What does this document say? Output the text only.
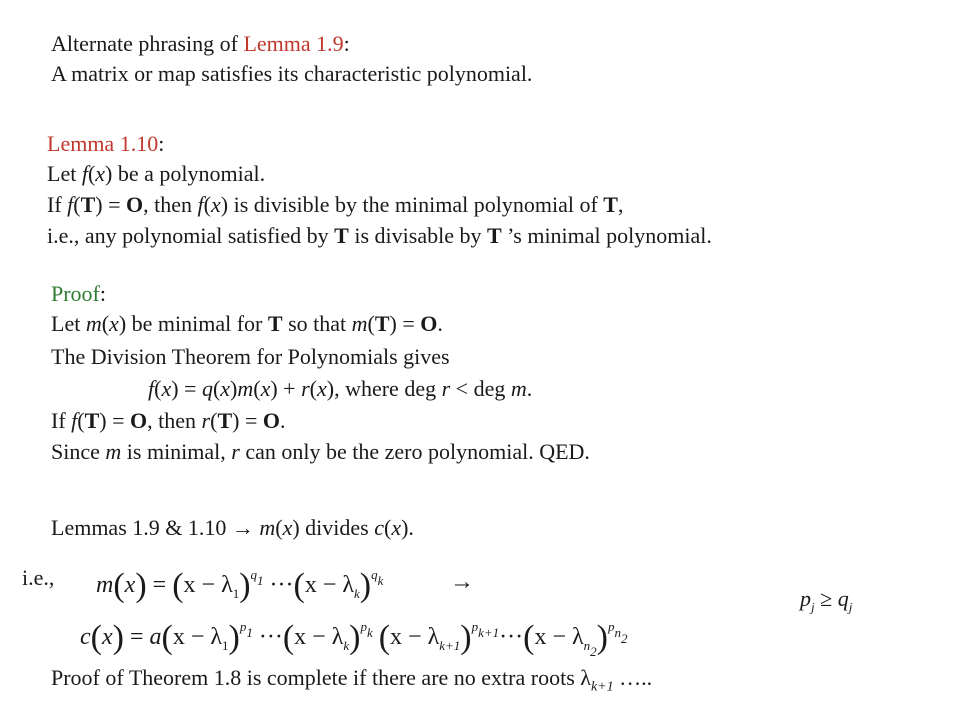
Alternate phrasing of Lemma 1.9:
A matrix or map satisfies its characteristic polynomial.
Lemma 1.10:
Let f(x) be a polynomial.
If f(T) = O, then f(x) is divisible by the minimal polynomial of T,
i.e., any polynomial satisfied by T is divisable by T ’s minimal polynomial.
Proof:
Let m(x) be minimal for T so that m(T) = O.
The Division Theorem for Polynomials gives
f(x) = q(x)m(x) + r(x), where deg r < deg m.
If f(T) = O, then r(T) = O.
Since m is minimal, r can only be the zero polynomial. QED.
Lemmas 1.9 & 1.10 → m(x) divides c(x).
i.e., $m(x) = (x - \lambda_1)^{q_1} \cdot\cdot\cdot(x - \lambda_k)^{q_k}$	→
$c(x) = a(x - \lambda_1)^{p_1} \cdot\cdot\cdot(x - \lambda_k)^{p_k}$ $(x - \lambda_{k+1})^{p_{k+1}}\cdot\cdot\cdot(x - \lambda_{n_2})^{p_{n_2}}$
$p_j \ge q_j$
Proof of Theorem 1.8 is complete if there are no extra roots $\lambda_{k+1}$ …..
